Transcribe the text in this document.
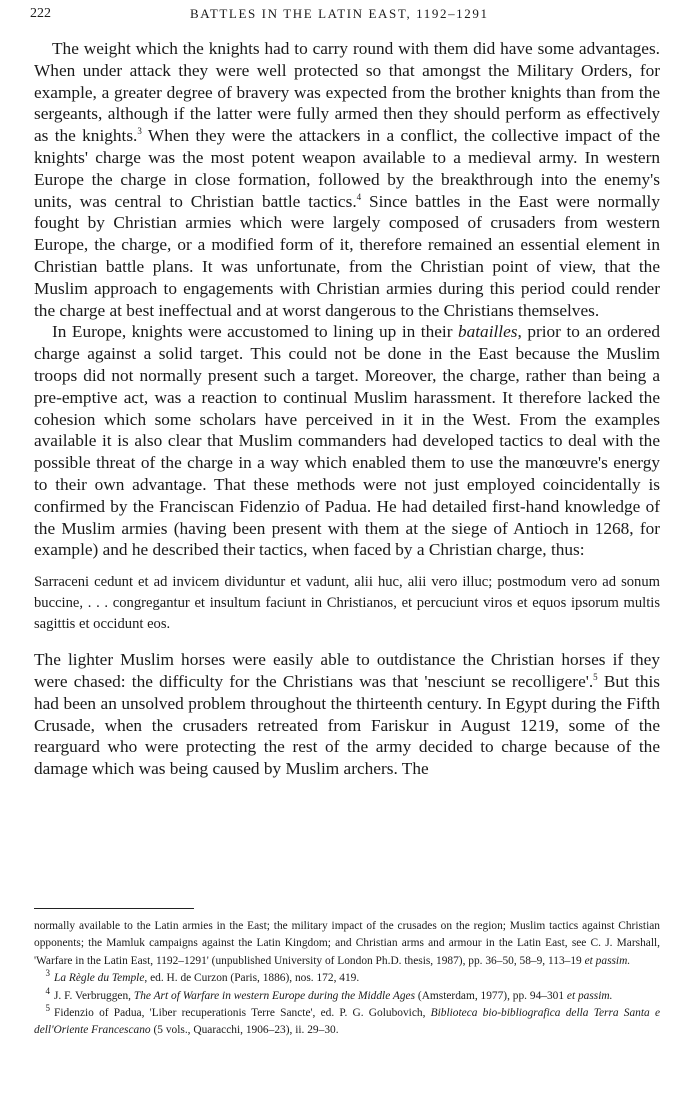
222	BATTLES IN THE LATIN EAST, 1192–1291

The weight which the knights had to carry round with them did have some advantages. When under attack they were well protected so that amongst the Military Orders, for example, a greater degree of bravery was expected from the brother knights than from the sergeants, although if the latter were fully armed then they should perform as effectively as the knights.$^3$ When they were the attackers in a conflict, the collective impact of the knights' charge was the most potent weapon available to a medieval army. In western Europe the charge in close formation, followed by the breakthrough into the enemy's units, was central to Christian battle tactics.$^4$ Since battles in the East were normally fought by Christian armies which were largely composed of crusaders from western Europe, the charge, or a modified form of it, therefore remained an essential element in Christian battle plans. It was unfortunate, from the Christian point of view, that the Muslim approach to engagements with Christian armies during this period could render the charge at best ineffectual and at worst dangerous to the Christians themselves.

In Europe, knights were accustomed to lining up in their batailles, prior to an ordered charge against a solid target. This could not be done in the East because the Muslim troops did not normally present such a target. Moreover, the charge, rather than being a pre-emptive act, was a reaction to continual Muslim harassment. It therefore lacked the cohesion which some scholars have perceived in it in the West. From the examples available it is also clear that Muslim commanders had developed tactics to deal with the possible threat of the charge in a way which enabled them to use the manœuvre's energy to their own advantage. That these methods were not just employed coincidentally is confirmed by the Franciscan Fidenzio of Padua. He had detailed first-hand knowledge of the Muslim armies (having been present with them at the siege of Antioch in 1268, for example) and he described their tactics, when faced by a Christian charge, thus:

Sarraceni cedunt et ad invicem dividuntur et vadunt, alii huc, alii vero illuc; postmodum vero ad sonum buccine, . . . congregantur et insultum faciunt in Christianos, et percuciunt viros et equos ipsorum multis sagittis et occidunt eos.

The lighter Muslim horses were easily able to outdistance the Christian horses if they were chased: the difficulty for the Christians was that 'nesciunt se recolligere'.$^5$ But this had been an unsolved problem throughout the thirteenth century. In Egypt during the Fifth Crusade, when the crusaders retreated from Fariskur in August 1219, some of the rearguard who were protecting the rest of the army decided to charge because of the damage which was being caused by Muslim archers. The

normally available to the Latin armies in the East; the military impact of the crusades on the region; Muslim tactics against Christian opponents; the Mamluk campaigns against the Latin Kingdom; and Christian arms and armour in the Latin East, see C. J. Marshall, 'Warfare in the Latin East, 1192–1291' (unpublished University of London Ph.D. thesis, 1987), pp. 36–50, 58–9, 113–19 et passim.
$^3$ La Règle du Temple, ed. H. de Curzon (Paris, 1886), nos. 172, 419.
$^4$ J. F. Verbruggen, The Art of Warfare in western Europe during the Middle Ages (Amsterdam, 1977), pp. 94–301 et passim.
$^5$ Fidenzio of Padua, 'Liber recuperationis Terre Sancte', ed. P. G. Golubovich, Biblioteca bio-bibliografica della Terra Santa e dell'Oriente Francescano (5 vols., Quaracchi, 1906–23), ii. 29–30.
